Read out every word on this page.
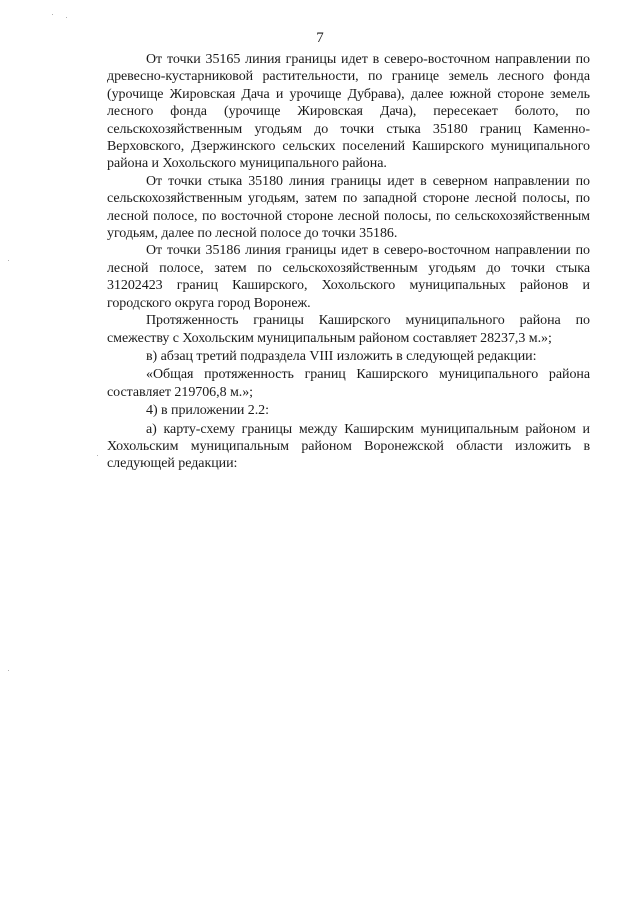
7

От точки 35165 линия границы идет в северо-восточном направлении по древесно-кустарниковой растительности, по границе земель лесного фонда (урочище Жировская Дача и урочище Дубрава), далее южной стороне земель лесного фонда (урочище Жировская Дача), пересекает болото, по сельскохозяйственным угодьям до точки стыка 35180 границ Каменно-Верховского, Дзержинского сельских поселений Каширского муниципального района и Хохольского муниципального района.

От точки стыка 35180 линия границы идет в северном направлении по сельскохозяйственным угодьям, затем по западной стороне лесной полосы, по лесной полосе, по восточной стороне лесной полосы, по сельскохозяйственным угодьям, далее по лесной полосе до точки 35186.

От точки 35186 линия границы идет в северо-восточном направлении по лесной полосе, затем по сельскохозяйственным угодьям до точки стыка 31202423 границ Каширского, Хохольского муниципальных районов и городского округа город Воронеж.

Протяженность границы Каширского муниципального района по смежеству с Хохольским муниципальным районом составляет 28237,3 м.»;

в) абзац третий подраздела VIII изложить в следующей редакции:

«Общая протяженность границ Каширского муниципального района составляет 219706,8 м.»;

4) в приложении 2.2:

а) карту-схему границы между Каширским муниципальным районом и Хохольским муниципальным районом Воронежской области изложить в следующей редакции:
